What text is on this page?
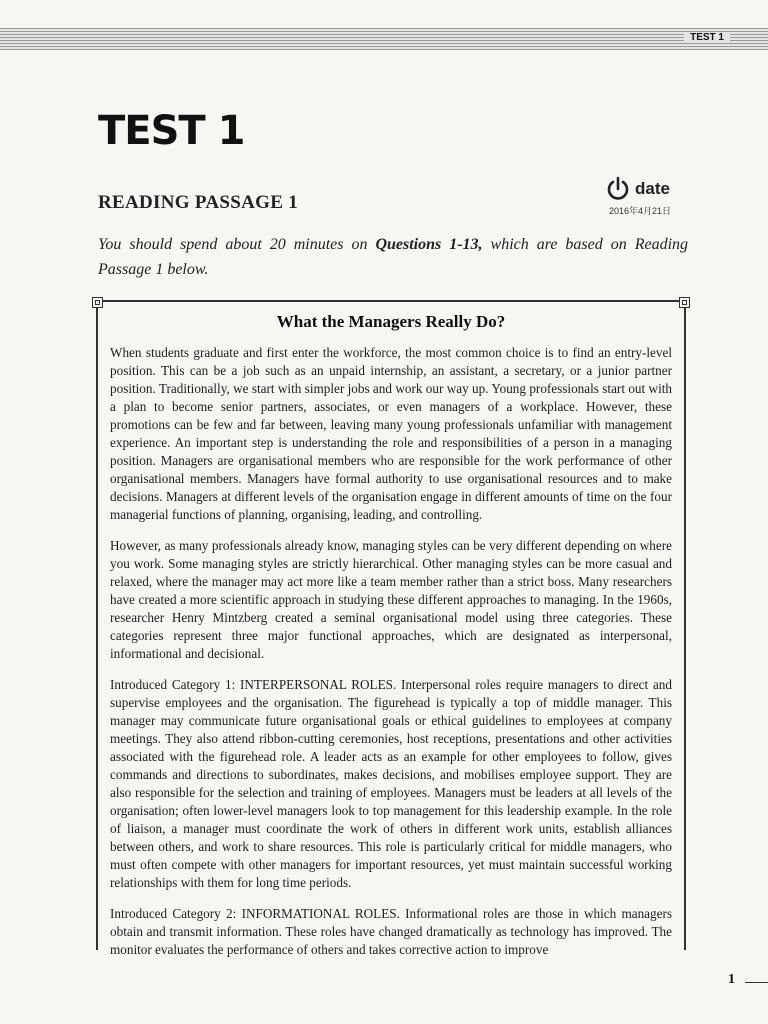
TEST 1
TEST 1
READING PASSAGE 1
date
2016年4月21日

You should spend about 20 minutes on Questions 1-13, which are based on Reading Passage 1 below.

What the Managers Really Do?

When students graduate and first enter the workforce, the most common choice is to find an entry-level position. This can be a job such as an unpaid internship, an assistant, a secretary, or a junior partner position. Traditionally, we start with simpler jobs and work our way up. Young professionals start out with a plan to become senior partners, associates, or even managers of a workplace. However, these promotions can be few and far between, leaving many young professionals unfamiliar with management experience. An important step is understanding the role and responsibilities of a person in a managing position. Managers are organisational members who are responsible for the work performance of other organisational members. Managers have formal authority to use organisational resources and to make decisions. Managers at different levels of the organisation engage in different amounts of time on the four managerial functions of planning, organising, leading, and controlling.

However, as many professionals already know, managing styles can be very different depending on where you work. Some managing styles are strictly hierarchical. Other managing styles can be more casual and relaxed, where the manager may act more like a team member rather than a strict boss. Many researchers have created a more scientific approach in studying these different approaches to managing. In the 1960s, researcher Henry Mintzberg created a seminal organisational model using three categories. These categories represent three major functional approaches, which are designated as interpersonal, informational and decisional.

Introduced Category 1: INTERPERSONAL ROLES. Interpersonal roles require managers to direct and supervise employees and the organisation. The figurehead is typically a top of middle manager. This manager may communicate future organisational goals or ethical guidelines to employees at company meetings. They also attend ribbon-cutting ceremonies, host receptions, presentations and other activities associated with the figurehead role. A leader acts as an example for other employees to follow, gives commands and directions to subordinates, makes decisions, and mobilises employee support. They are also responsible for the selection and training of employees. Managers must be leaders at all levels of the organisation; often lower-level managers look to top management for this leadership example. In the role of liaison, a manager must coordinate the work of others in different work units, establish alliances between others, and work to share resources. This role is particularly critical for middle managers, who must often compete with other managers for important resources, yet must maintain successful working relationships with them for long time periods.

Introduced Category 2: INFORMATIONAL ROLES. Informational roles are those in which managers obtain and transmit information. These roles have changed dramatically as technology has improved. The monitor evaluates the performance of others and takes corrective action to improve

1
